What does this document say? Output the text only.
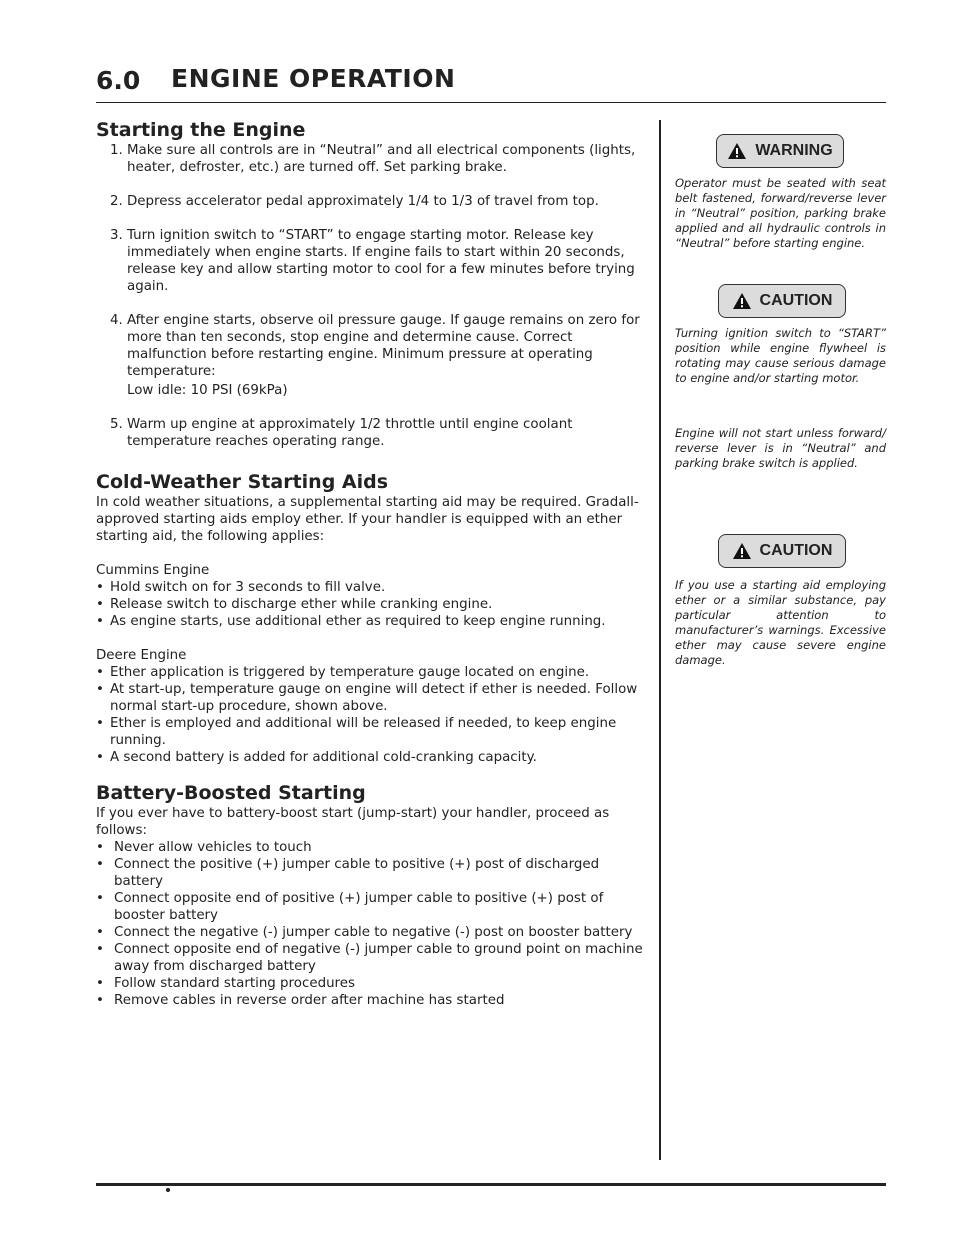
6.0 ENGINE OPERATION
Starting the Engine
1. Make sure all controls are in “Neutral” and all electrical components (lights, heater, defroster, etc.) are turned off. Set parking brake.
2. Depress accelerator pedal approximately 1/4 to 1/3 of travel from top.
3. Turn ignition switch to “START” to engage starting motor. Release key immediately when engine starts. If engine fails to start within 20 seconds, release key and allow starting motor to cool for a few minutes before trying again.
4. After engine starts, observe oil pressure gauge. If gauge remains on zero for more than ten seconds, stop engine and determine cause. Correct malfunction before restarting engine. Minimum pressure at operating temperature:
Low idle: 10 PSI (69kPa)
5. Warm up engine at approximately 1/2 throttle until engine coolant temperature reaches operating range.
Cold-Weather Starting Aids

In cold weather situations, a supplemental starting aid may be required. Gradall-approved starting aids employ ether. If your handler is equipped with an ether starting aid, the following applies:

Cummins Engine

• Hold switch on for 3 seconds to fill valve.
• Release switch to discharge ether while cranking engine.
• As engine starts, use additional ether as required to keep engine running.

Deere Engine

• Ether application is triggered by temperature gauge located on engine.
• At start-up, temperature gauge on engine will detect if ether is needed. Follow normal start-up procedure, shown above.
• Ether is employed and additional will be released if needed, to keep engine running.
• A second battery is added for additional cold-cranking capacity.
Battery-Boosted Starting

If you ever have to battery-boost start (jump-start) your handler, proceed as follows:

• Never allow vehicles to touch
• Connect the positive (+) jumper cable to positive (+) post of discharged battery
• Connect opposite end of positive (+) jumper cable to positive (+) post of booster battery
• Connect the negative (-) jumper cable to negative (-) post on booster battery
• Connect opposite end of negative (-) jumper cable to ground point on machine away from discharged battery
• Follow standard starting procedures
• Remove cables in reverse order after machine has started
WARNING
Operator must be seated with seat belt fastened, forward/reverse lever in “Neutral” position, parking brake applied and all hydraulic controls in “Neutral” before starting engine.
CAUTION
Turning ignition switch to “START” position while engine flywheel is rotating may cause serious damage to engine and/or starting motor.
Engine will not start unless forward/ reverse lever is in “Neutral” and parking brake switch is applied.
CAUTION
If you use a starting aid employing ether or a similar substance, pay particular attention to manufacturer’s warnings. Excessive ether may cause severe engine damage.
